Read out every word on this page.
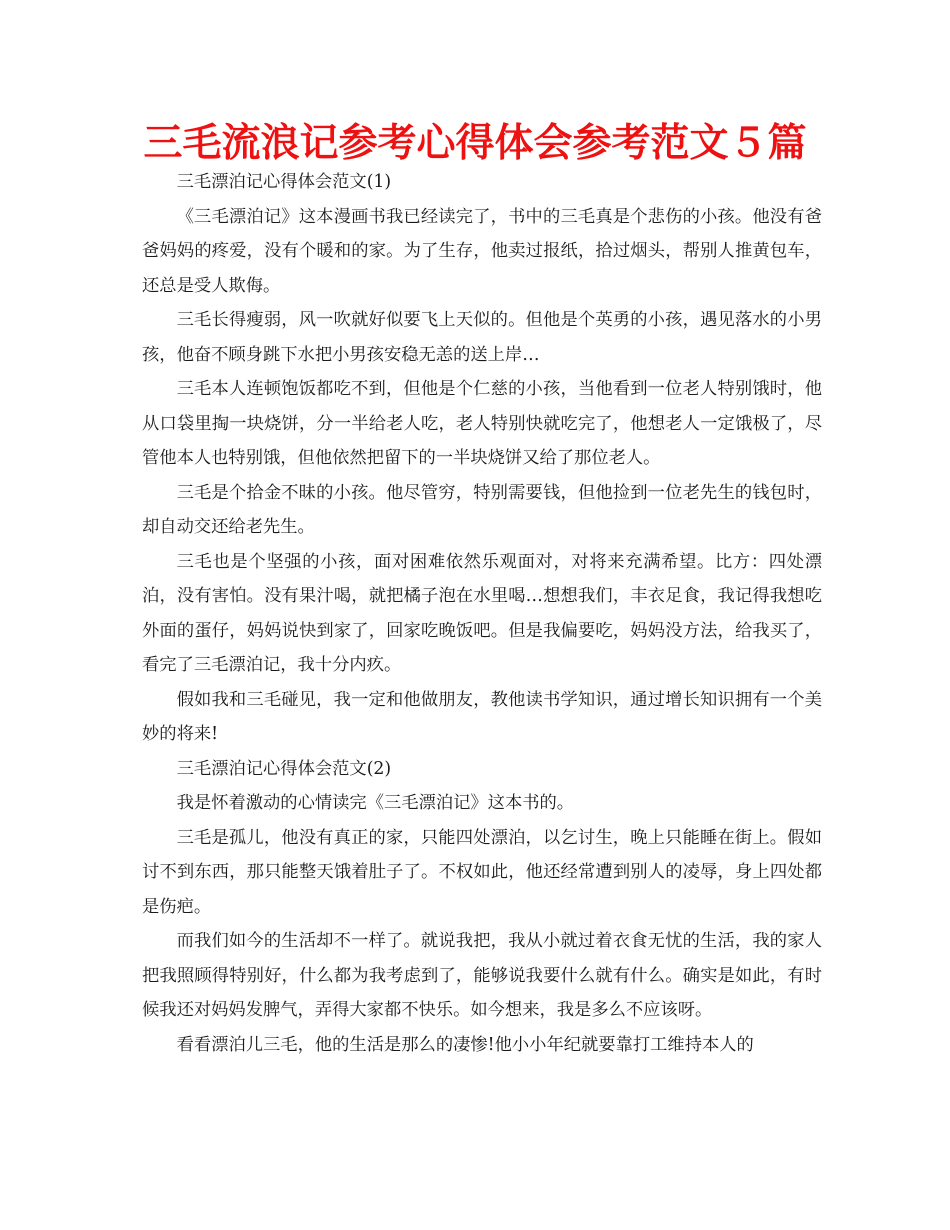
三毛流浪记参考心得体会参考范文５篇

三毛漂泊记心得体会范文(1)

《三毛漂泊记》这本漫画书我已经读完了，书中的三毛真是个悲伤的小孩。他没有爸爸妈妈的疼爱，没有个暖和的家。为了生存，他卖过报纸，拾过烟头，帮别人推黄包车，还总是受人欺侮。

三毛长得瘦弱，风一吹就好似要飞上天似的。但他是个英勇的小孩，遇见落水的小男孩，他奋不顾身跳下水把小男孩安稳无恙的送上岸…

三毛本人连顿饱饭都吃不到，但他是个仁慈的小孩，当他看到一位老人特别饿时，他从口袋里掏一块烧饼，分一半给老人吃，老人特别快就吃完了，他想老人一定饿极了，尽管他本人也特别饿，但他依然把留下的一半块烧饼又给了那位老人。

三毛是个拾金不昧的小孩。他尽管穷，特别需要钱，但他捡到一位老先生的钱包时，却自动交还给老先生。

三毛也是个坚强的小孩，面对困难依然乐观面对，对将来充满希望。比方：四处漂泊，没有害怕。没有果汁喝，就把橘子泡在水里喝…想想我们，丰衣足食，我记得我想吃外面的蛋仔，妈妈说快到家了，回家吃晚饭吧。但是我偏要吃，妈妈没方法，给我买了，看完了三毛漂泊记，我十分内疚。

假如我和三毛碰见，我一定和他做朋友，教他读书学知识，通过增长知识拥有一个美妙的将来!

三毛漂泊记心得体会范文(2)

我是怀着激动的心情读完《三毛漂泊记》这本书的。

三毛是孤儿，他没有真正的家，只能四处漂泊，以乞讨生，晚上只能睡在街上。假如讨不到东西，那只能整天饿着肚子了。不权如此，他还经常遭到别人的凌辱，身上四处都是伤疤。

而我们如今的生活却不一样了。就说我把，我从小就过着衣食无忧的生活，我的家人把我照顾得特别好，什么都为我考虑到了，能够说我要什么就有什么。确实是如此，有时候我还对妈妈发脾气，弄得大家都不快乐。如今想来，我是多么不应该呀。

看看漂泊儿三毛，他的生活是那么的凄惨!他小小年纪就要靠打工维持本人的
